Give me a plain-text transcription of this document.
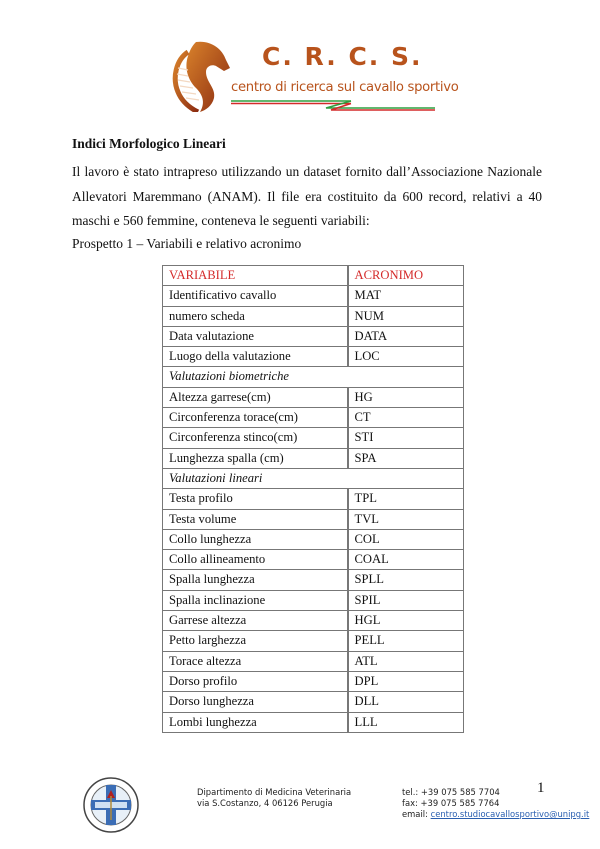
C. R. C. S.
centro di ricerca sul cavallo sportivo
Indici Morfologico Lineari
Il lavoro è stato intrapreso utilizzando un dataset fornito dall’Associazione Nazionale Allevatori Maremmano (ANAM). Il file era costituito da 600 record, relativi a 40 maschi e 560 femmine, conteneva le seguenti variabili:
Prospetto 1 – Variabili e relativo acronimo
VARIABILE	ACRONIMO
Identificativo cavallo	MAT
numero scheda	NUM
Data valutazione	DATA
Luogo della valutazione	LOC
Valutazioni biometriche	
Altezza garrese(cm)	HG
Circonferenza torace(cm)	CT
Circonferenza stinco(cm)	STI
Lunghezza spalla (cm)	SPA
Valutazioni lineari	
Testa profilo	TPL
Testa volume	TVL
Collo lunghezza	COL
Collo allineamento	COAL
Spalla lunghezza	SPLL
Spalla inclinazione	SPIL
Garrese altezza	HGL
Petto larghezza	PELL
Torace altezza	ATL
Dorso profilo	DPL
Dorso lunghezza	DLL
Lombi lunghezza	LLL
Dipartimento di Medicina Veterinaria
via S.Costanzo, 4 06126 Perugia
tel.: +39 075 585 7704
fax: +39 075 585 7764
email: centro.studiocavallosportivo@unipg.it
1
